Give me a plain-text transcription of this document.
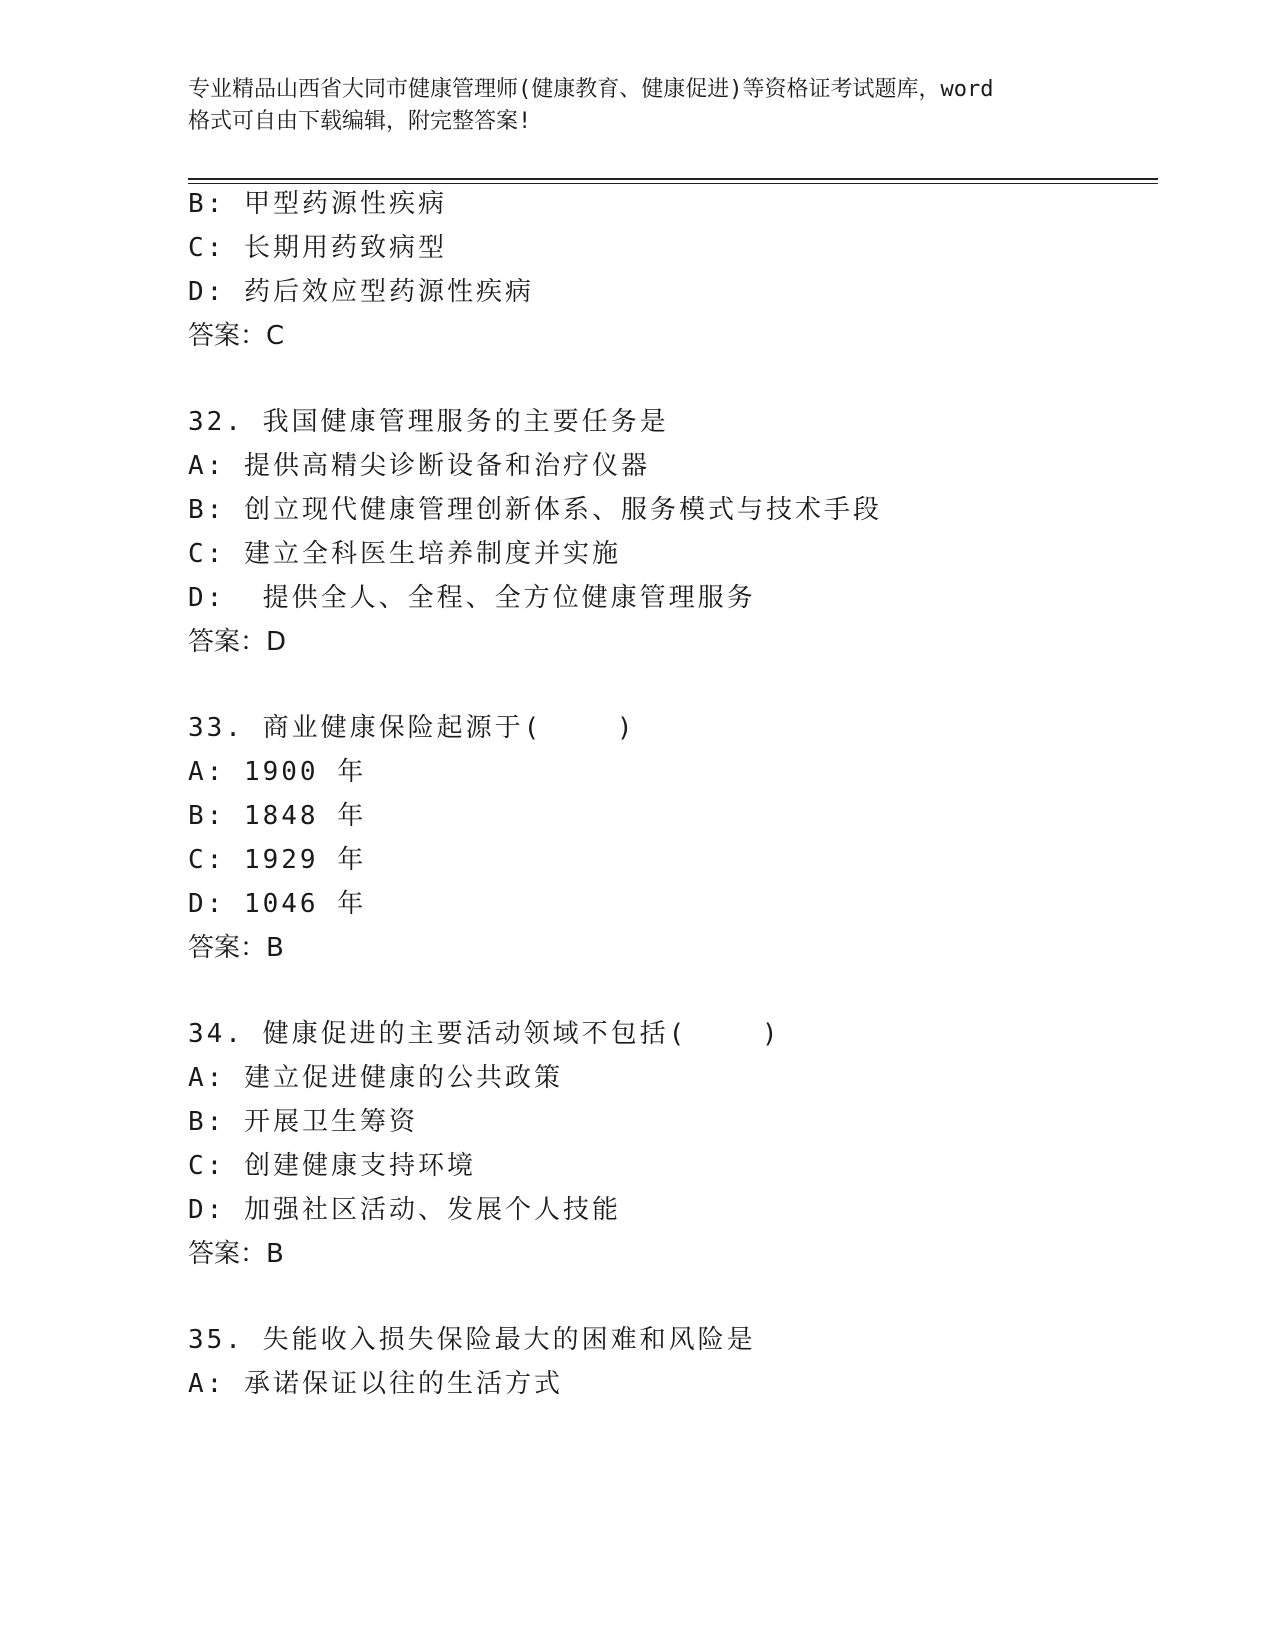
专业精品山西省大同市健康管理师(健康教育、健康促进)等资格证考试题库，word
格式可自由下载编辑，附完整答案!
B: 甲型药源性疾病
C: 长期用药致病型
D: 药后效应型药源性疾病
答案：C
32. 我国健康管理服务的主要任务是
A: 提供高精尖诊断设备和治疗仪器
B: 创立现代健康管理创新体系、服务模式与技术手段
C: 建立全科医生培养制度并实施
D:  提供全人、全程、全方位健康管理服务
答案：D
33. 商业健康保险起源于(    )
A: 1900 年
B: 1848 年
C: 1929 年
D: 1046 年
答案：B
34. 健康促进的主要活动领域不包括(    )
A: 建立促进健康的公共政策
B: 开展卫生筹资
C: 创建健康支持环境
D: 加强社区活动、发展个人技能
答案：B
35. 失能收入损失保险最大的困难和风险是
A: 承诺保证以往的生活方式
